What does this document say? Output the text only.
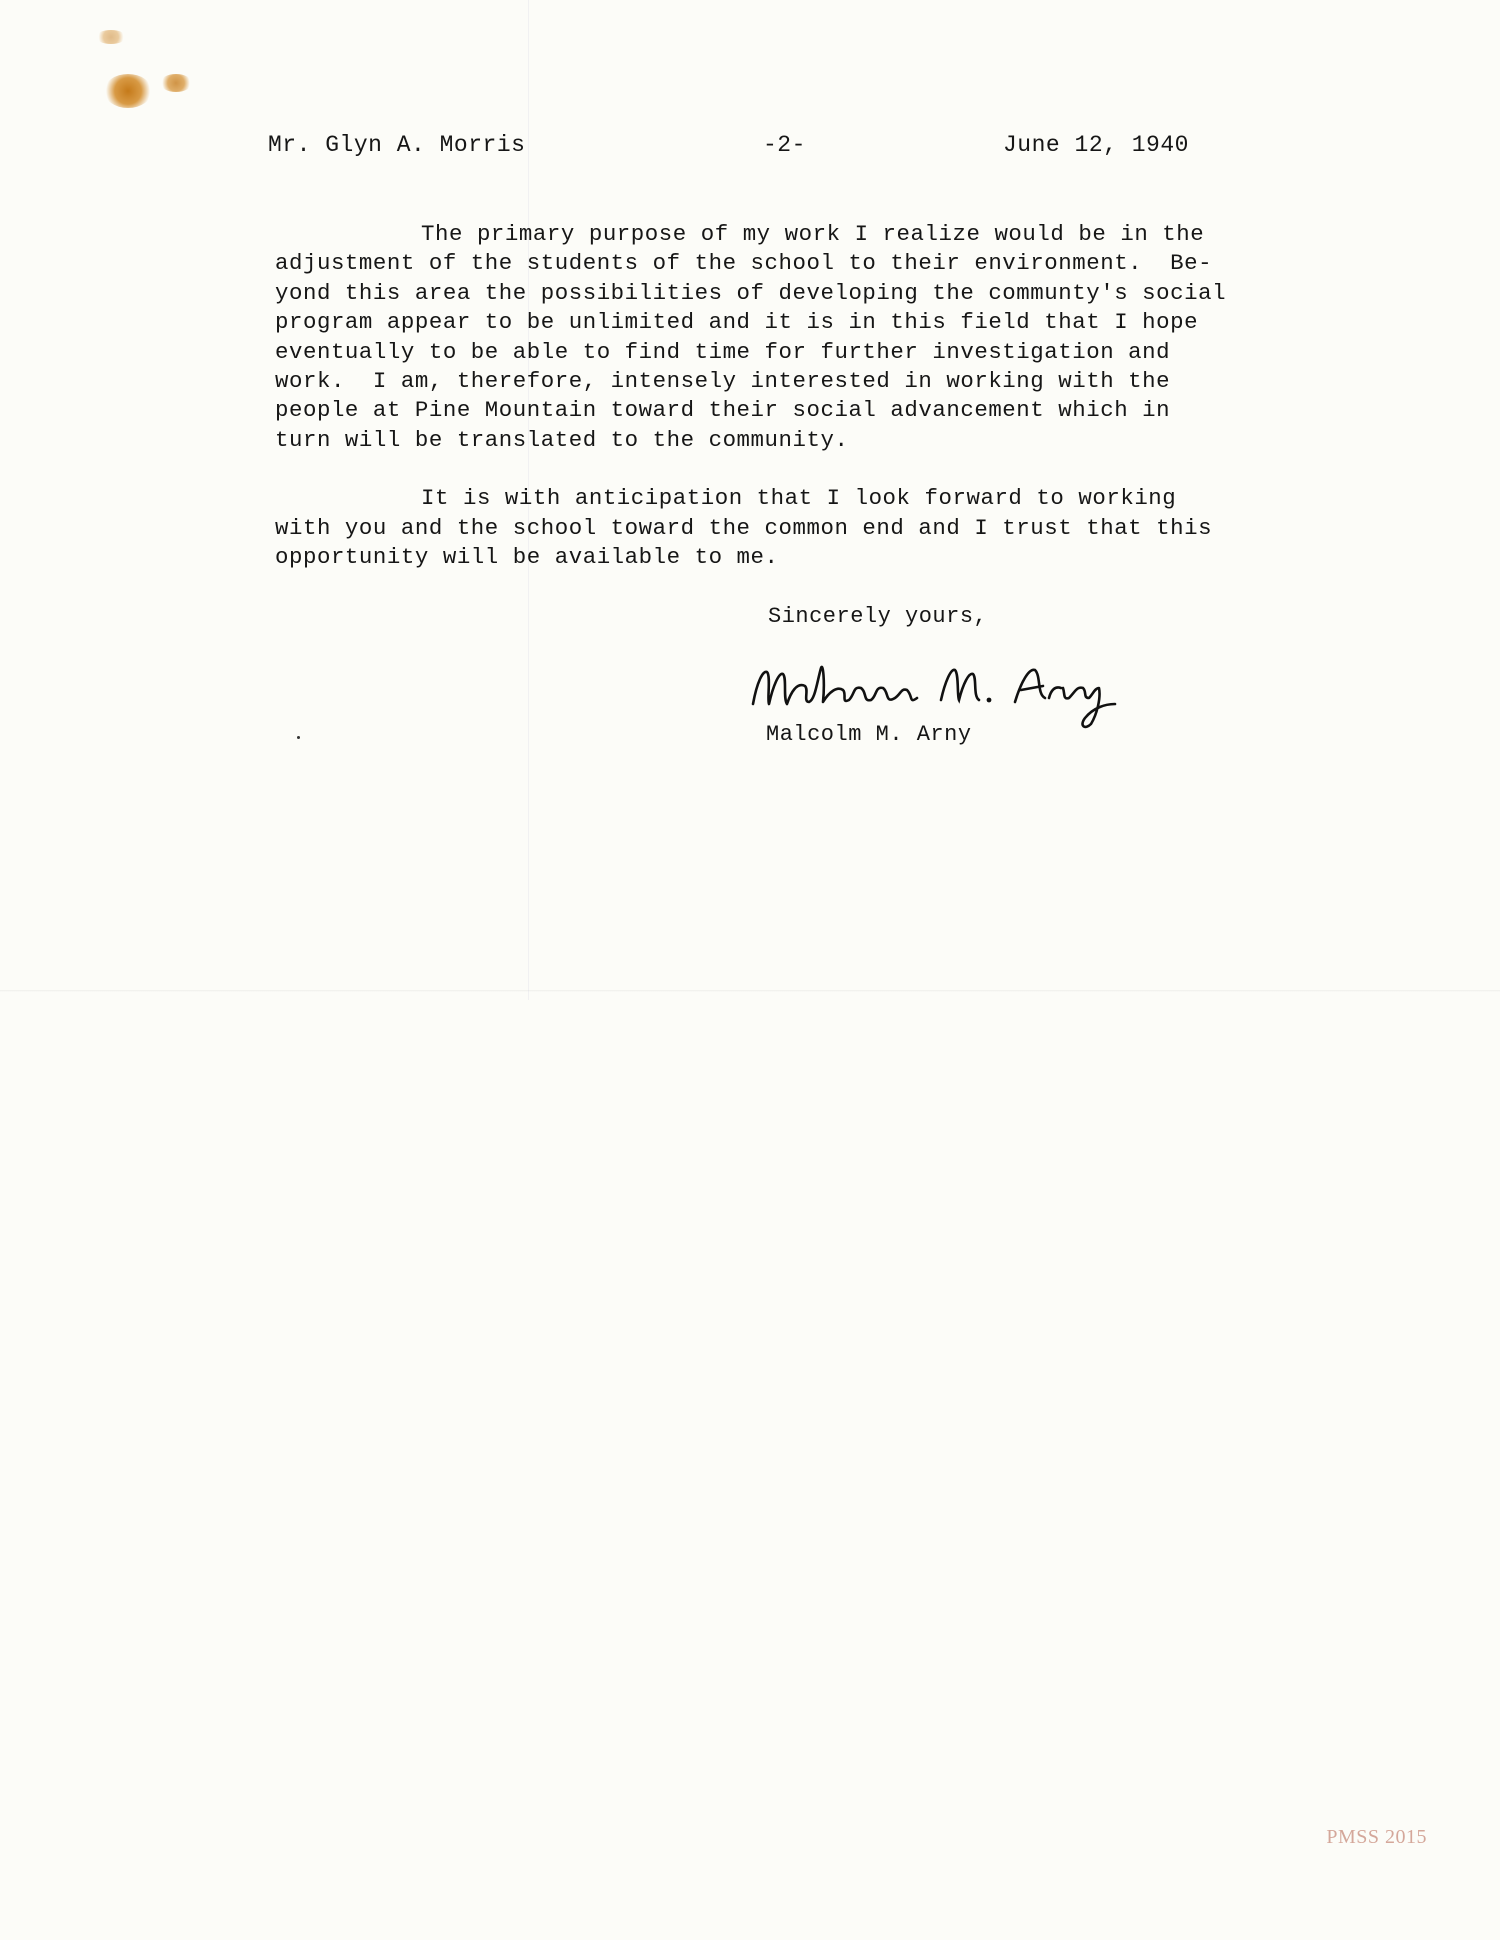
Mr. Glyn A. Morris	-2-	June 12, 1940
The primary purpose of my work I realize would be in the
adjustment of the students of the school to their environment.  Be-
yond this area the possibilities of developing the communty's social
program appear to be unlimited and it is in this field that I hope
eventually to be able to find time for further investigation and
work.  I am, therefore, intensely interested in working with the
people at Pine Mountain toward their social advancement which in
turn will be translated to the community.
It is with anticipation that I look forward to working
with you and the school toward the common end and I trust that this
opportunity will be available to me.
Sincerely yours,
Malcolm M. Arny
PMSS 2015
